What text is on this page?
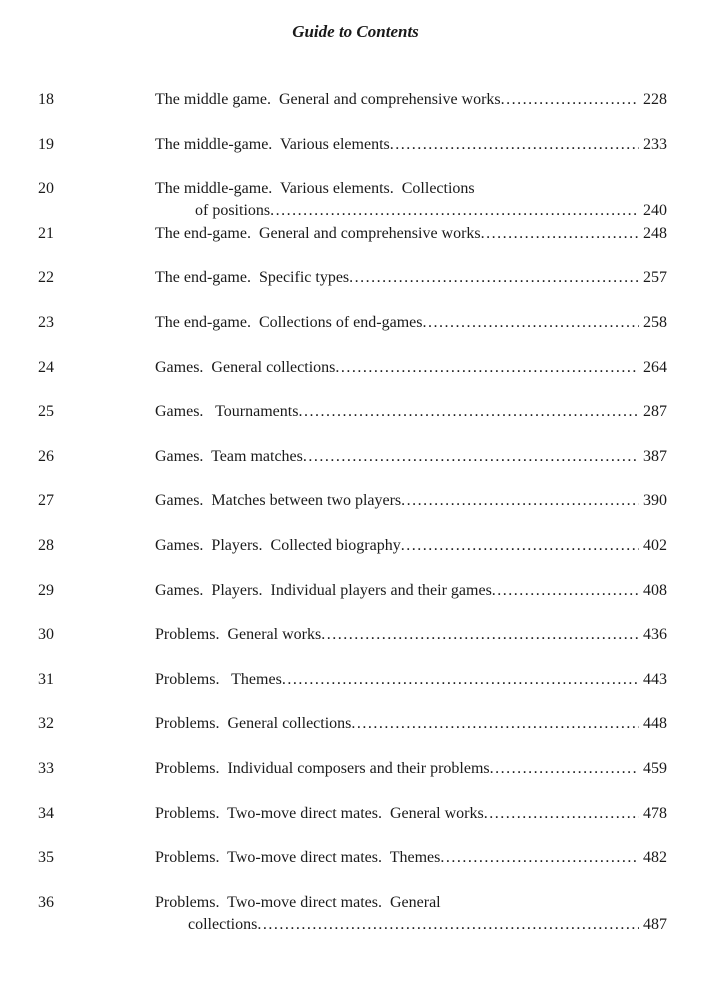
Guide to Contents
18	The middle game.  General and comprehensive works .....	228
19	The middle-game.  Various elements .....	233
20	The middle-game.  Various elements.  Collections
of positions .....	240
21	The end-game.  General and comprehensive works .....	248
22	The end-game.  Specific types .....	257
23	The end-game.  Collections of end-games .....	258
24	Games.  General collections .....	264
25	Games.   Tournaments .....	287
26	Games.  Team matches .....	387
27	Games.  Matches between two players .....	390
28	Games.  Players.  Collected biography .....	402
29	Games.  Players.  Individual players and their games .....	408
30	Problems.  General works .....	436
31	Problems.   Themes .....	443
32	Problems.  General collections .....	448
33	Problems.  Individual composers and their problems .....	459
34	Problems.  Two-move direct mates.  General works .....	478
35	Problems.  Two-move direct mates.  Themes .....	482
36	Problems.  Two-move direct mates.  General
collections .....	487
